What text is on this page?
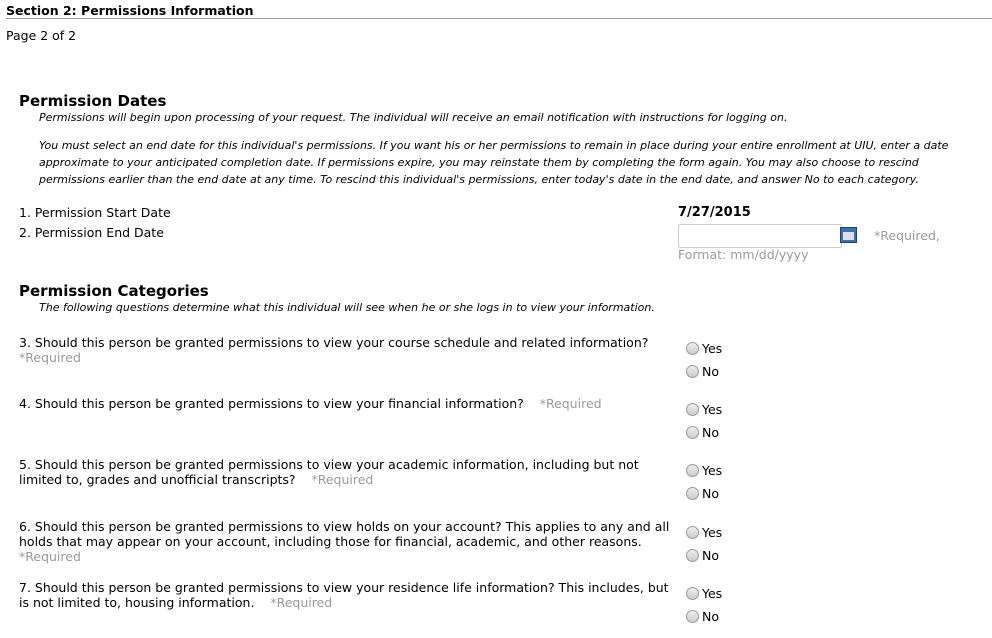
Section 2: Permissions Information
Page 2 of 2
Permission Dates
Permissions will begin upon processing of your request. The individual will receive an email notification with instructions for logging on.
You must select an end date for this individual's permissions. If you want his or her permissions to remain in place during your entire enrollment at UIU, enter a date approximate to your anticipated completion date. If permissions expire, you may reinstate them by completing the form again. You may also choose to rescind permissions earlier than the end date at any time. To rescind this individual's permissions, enter today's date in the end date, and answer No to each category.
1. Permission Start Date	7/27/2015
2. Permission End Date	*Required,
Format: mm/dd/yyyy
Permission Categories
The following questions determine what this individual will see when he or she logs in to view your information.
3. Should this person be granted permissions to view your course schedule and related information?    *Required
Yes
No
4. Should this person be granted permissions to view your financial information? *Required	Yes
No
5. Should this person be granted permissions to view your academic information, including but not limited to, grades and unofficial transcripts? *Required
Yes
No
6. Should this person be granted permissions to view holds on your account? This applies to any and all holds that may appear on your account, including those for financial, academic, and other reasons.    *Required
Yes
No
7. Should this person be granted permissions to view your residence life information? This includes, but is not limited to, housing information. *Required
Yes
No
